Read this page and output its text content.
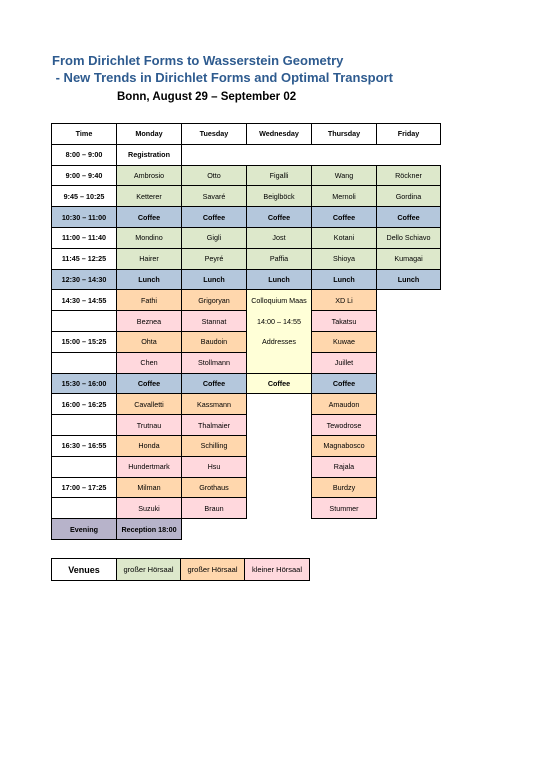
From Dirichlet Forms to Wasserstein Geometry
- New Trends in Dirichlet Forms and Optimal Transport
Bonn, August 29 – September 02
Time	Monday	Tuesday	Wednesday	Thursday	Friday
8:00 – 9:00	Registration				
9:00 – 9:40	Ambrosio	Otto	Figalli	Wang	Röckner
9:45 – 10:25	Ketterer	Savaré	Beiglböck	Mernoli	Gordina
10:30 – 11:00	Coffee	Coffee	Coffee	Coffee	Coffee
11:00 – 11:40	Mondino	Gigli	Jost	Kotani	Dello Schiavo
11:45 – 12:25	Hairer	Peyré	Paffia	Shioya	Kumagai
12:30 – 14:30	Lunch	Lunch	Lunch	Lunch	Lunch
14:30 – 14:55	Fathi	Grigoryan	Colloquium Maas	XD Li	
	Beznea	Stannat	14:00 – 14:55	Takatsu	
15:00 – 15:25	Ohta	Baudoin	Addresses	Kuwae	
	Chen	Stollmann		Juillet	
15:30 – 16:00	Coffee	Coffee	Coffee	Coffee	
16:00 – 16:25	Cavalletti	Kassmann		Amaudon	
	Trutnau	Thalmaier		Tewodrose	
16:30 – 16:55	Honda	Schilling		Magnabosco	
	Hundertmark	Hsu		Rajala	
17:00 – 17:25	Milman	Grothaus		Burdzy	
	Suzuki	Braun		Stummer	
Evening	Reception 18:00				
Venues	großer Hörsaal	großer Hörsaal	kleiner Hörsaal
